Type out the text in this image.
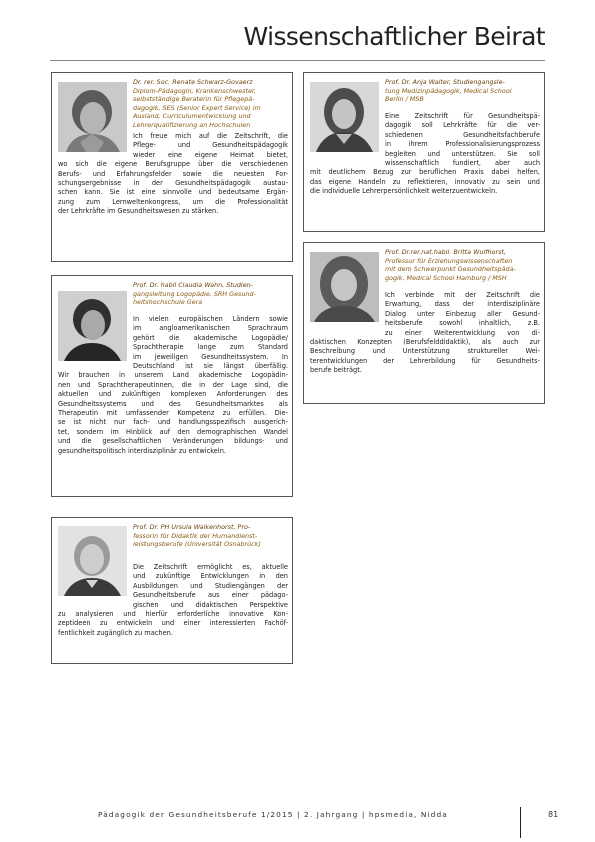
Wissenschaftlicher Beirat
Dr. rer. Soc. Renate Schwarz-Govaerz
Diplom-Pädagogin, Krankenschwester,
selbstständige Beraterin für Pflegepä-
dagogik, SES (Senior Expert Service) im
Ausland, Curriculumentwicklung und
Lehrerqualifizierung an Hochschulen
Ich freue mich auf die Zeitschrift, die
Pflege- und Gesundheitspädagogik
wieder eine eigene Heimat bietet,
wo sich die eigene Berufsgruppe über die verschiedenen
Berufs- und Erfahrungsfelder sowie die neuesten For-
schungsergebnisse in der Gesundheitspädagogik austau-
schen kann. Sie ist eine sinnvolle und bedeutsame Ergän-
zung zum Lernweltenkongress, um die Professionalität
der Lehrkräfte im Gesundheitswesen zu stärken.
Prof. Dr. Anja Walter, Studiengangsle-
tung Medizinpädagogik, Medical School
Berlin / MSB
Eine Zeitschrift für Gesundheitspä-
dagogik soll Lehrkräfte für die ver-
schiedenen Gesundheitsfachberufe
in ihrem Professionalisierungsprozess
begleiten und unterstützen. Sie soll
wissenschaftlich fundiert, aber auch
mit deutlichem Bezug zur beruflichen Praxis dabei helfen,
das eigene Handeln zu reflektieren, innovativ zu sein und
die individuelle Lehrerpersönlichkeit weiterzuentwickeln.
Prof. Dr. habil Claudia Wahn, Studien-
gangsleitung Logopädie, SRH Gesund-
heitshochschule Gera
In vielen europäischen Ländern sowie
im angloamerikanischen Sprachraum
gehört die akademische Logopädie/
Sprachtherapie lange zum Standard
im jeweiligen Gesundheitssystem. In
Deutschland ist sie längst überfällig.
Wir brauchen in unserem Land akademische Logopädin-
nen und Sprachtherapeutinnen, die in der Lage sind, die
aktuellen und zukünftigen komplexen Anforderungen des
Gesundheitssystems und des Gesundheitsmarktes als
Therapeutin mit umfassender Kompetenz zu erfüllen. Die-
se ist nicht nur fach- und handlungsspezifisch ausgerich-
tet, sondern im Hinblick auf den demographischen Wandel
und die gesellschaftlichen Veränderungen bildungs- und
gesundheitspolitisch interdisziplinär zu entwickeln.
Prof. Dr.rer.nat.habil. Britta Wulfhorst,
Professur für Erziehungswissenschaften
mit dem Schwerpunkt Gesundheitspäda-
gogik, Medical School Hamburg / MSH
Ich verbinde mit der Zeitschrift die
Erwartung, dass der interdisziplinäre
Dialog unter Einbezug aller Gesund-
heitsberufe sowohl inhaltlich, z.B.
zu einer Weiterentwicklung von di-
daktischen Konzepten (Berufsfelddidaktik), als auch zur
Beschreibung und Unterstützung struktureller Wei-
terentwicklungen der Lehrerbildung für Gesundheits-
berufe beiträgt.
Prof. Dr. PH Ursula Walkenhorst, Pro-
fessorin für Didaktik der Humandienst-
leistungsberufe (Universität Osnabrück)
Die Zeitschrift ermöglicht es, aktuelle
und zukünftige Entwicklungen in den
Ausbildungen und Studiengängen der
Gesundheitsberufe aus einer pädago-
gischen und didaktischen Perspektive
zu analysieren und hierfür erforderliche innovative Kon-
zeptideen zu entwickeln und einer interessierten Fachöf-
fentlichkeit zugänglich zu machen.
Pädagogik der Gesundheitsberufe 1/2015 | 2. Jahrgang | hpsmedia, Nidda	81
